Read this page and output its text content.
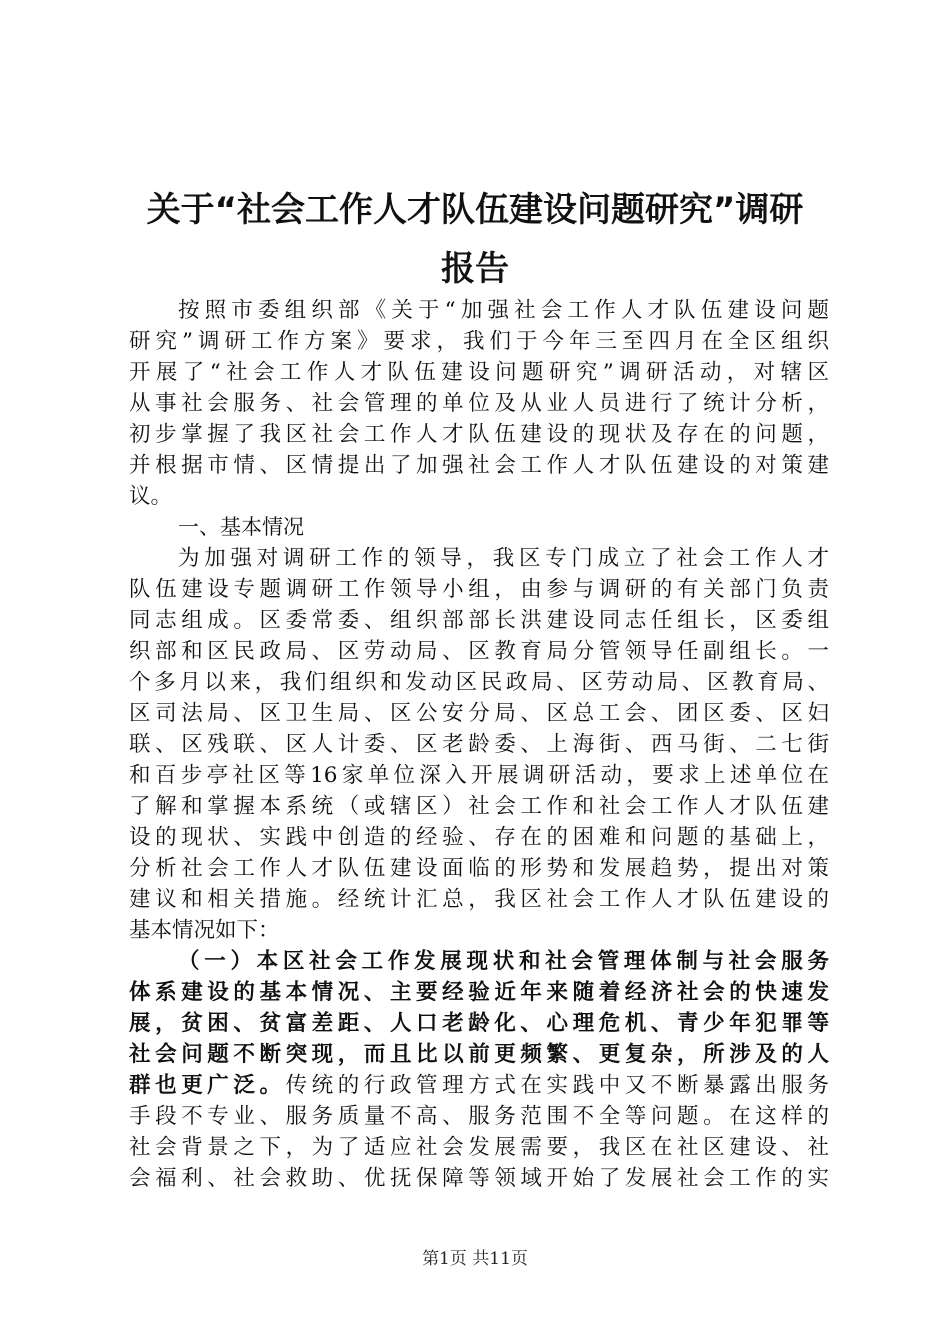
关于“社会工作人才队伍建设问题研究”调研
报告
按照市委组织部《关于“加强社会工作人才队伍建设问题
研究”调研工作方案》要求，我们于今年三至四月在全区组织
开展了“社会工作人才队伍建设问题研究”调研活动，对辖区
从事社会服务、社会管理的单位及从业人员进行了统计分析，
初步掌握了我区社会工作人才队伍建设的现状及存在的问题，
并根据市情、区情提出了加强社会工作人才队伍建设的对策建
议。
一、基本情况
为加强对调研工作的领导，我区专门成立了社会工作人才
队伍建设专题调研工作领导小组，由参与调研的有关部门负责
同志组成。区委常委、组织部部长洪建设同志任组长，区委组
织部和区民政局、区劳动局、区教育局分管领导任副组长。一
个多月以来，我们组织和发动区民政局、区劳动局、区教育局、
区司法局、区卫生局、区公安分局、区总工会、团区委、区妇
联、区残联、区人计委、区老龄委、上海街、西马街、二七街
和百步亭社区等16家单位深入开展调研活动，要求上述单位在
了解和掌握本系统（或辖区）社会工作和社会工作人才队伍建
设的现状、实践中创造的经验、存在的困难和问题的基础上，
分析社会工作人才队伍建设面临的形势和发展趋势，提出对策
建议和相关措施。经统计汇总，我区社会工作人才队伍建设的
基本情况如下：
（一）本区社会工作发展现状和社会管理体制与社会服务
体系建设的基本情况、主要经验近年来随着经济社会的快速发
展，贫困、贫富差距、人口老龄化、心理危机、青少年犯罪等
社会问题不断突现，而且比以前更频繁、更复杂，所涉及的人
群也更广泛。传统的行政管理方式在实践中又不断暴露出服务
手段不专业、服务质量不高、服务范围不全等问题。在这样的
社会背景之下，为了适应社会发展需要，我区在社区建设、社
会福利、社会救助、优抚保障等领域开始了发展社会工作的实
第1页 共11页
